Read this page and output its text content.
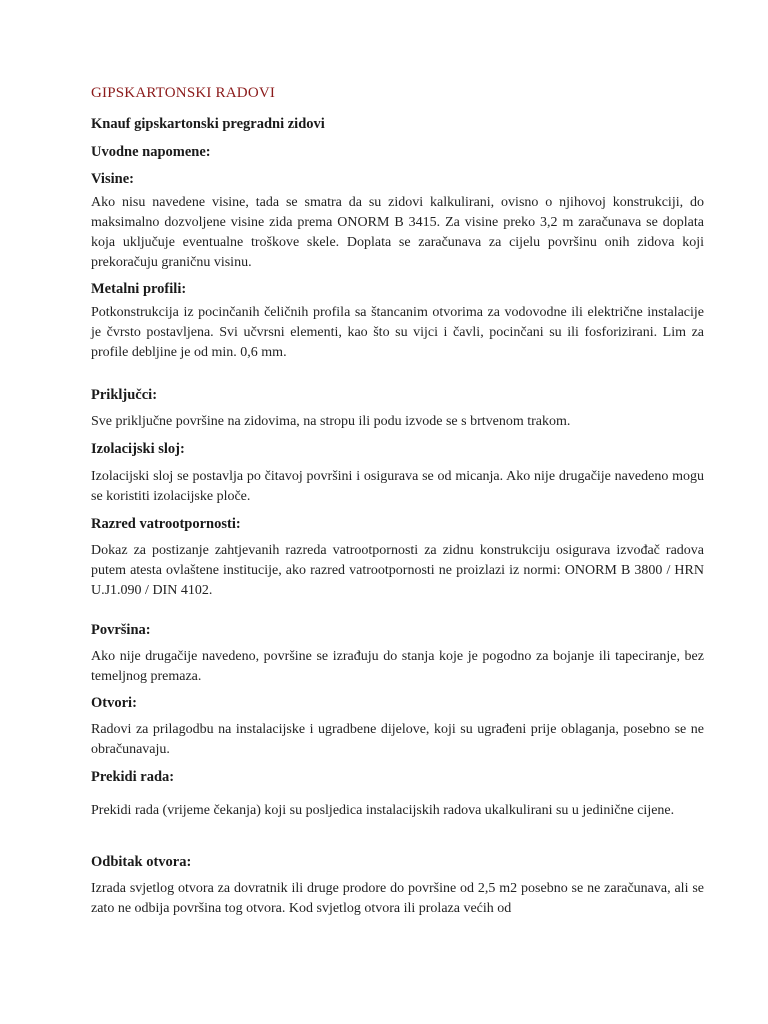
GIPSKARTONSKI RADOVI
Knauf gipskartonski pregradni zidovi
Uvodne napomene:
Visine:
Ako nisu navedene visine, tada se smatra da su zidovi kalkulirani, ovisno o njihovoj konstrukciji, do maksimalno dozvoljene visine zida prema ONORM B 3415. Za visine preko 3,2 m zaračunava se doplata koja uključuje eventualne troškove skele. Doplata se zaračunava za cijelu površinu onih zidova koji prekoračuju graničnu visinu.
Metalni profili:
Potkonstrukcija iz pocinčanih čeličnih profila sa štancanim otvorima za vodovodne ili električne instalacije je čvrsto postavljena. Svi učvrsni elementi, kao što su vijci i čavli, pocinčani su ili fosforizirani. Lim za profile debljine je od min. 0,6 mm.
Priključci:
Sve priključne površine na zidovima, na stropu ili podu izvode se s brtvenom trakom.
Izolacijski sloj:
Izolacijski sloj se postavlja po čitavoj površini i osigurava se od micanja. Ako nije drugačije navedeno mogu se koristiti izolacijske ploče.
Razred vatrootpornosti:
Dokaz za postizanje zahtjevanih razreda vatrootpornosti za zidnu konstrukciju osigurava izvođač radova putem atesta ovlaštene institucije, ako razred vatrootpornosti ne proizlazi iz normi: ONORM B 3800 / HRN U.J1.090 / DIN 4102.
Površina:
Ako nije drugačije navedeno, površine se izrađuju do stanja koje je pogodno za bojanje ili tapeciranje, bez temeljnog premaza.
Otvori:
Radovi za prilagodbu na instalacijske i ugradbene dijelove, koji su ugrađeni prije oblaganja, posebno se ne obračunavaju.
Prekidi rada:
Prekidi rada (vrijeme čekanja) koji su posljedica instalacijskih radova ukalkulirani su u jedinične cijene.
Odbitak otvora:
Izrada svjetlog otvora za dovratnik ili druge prodore do površine od 2,5 m2 posebno se ne zaračunava, ali se zato ne odbija površina tog otvora. Kod svjetlog otvora ili prolaza većih od
